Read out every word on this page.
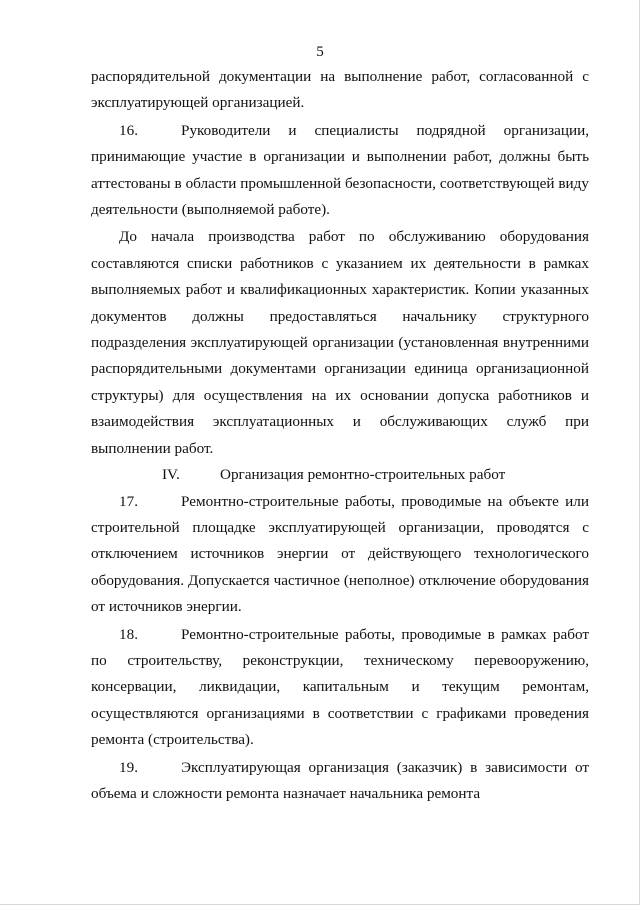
5

распорядительной документации на выполнение работ, согласованной с эксплуатирующей организацией.

16.	Руководители и специалисты подрядной организации, принимающие участие в организации и выполнении работ, должны быть аттестованы в области промышленной безопасности, соответствующей виду деятельности (выполняемой работе).

До начала производства работ по обслуживанию оборудования составляются списки работников с указанием их деятельности в рамках выполняемых работ и квалификационных характеристик. Копии указанных документов должны предоставляться начальнику структурного подразделения эксплуатирующей организации (установленная внутренними распорядительными документами организации единица организационной структуры) для осуществления на их основании допуска работников и взаимодействия эксплуатационных и обслуживающих служб при выполнении работ.

IV.	Организация ремонтно-строительных работ

17.	Ремонтно-строительные работы, проводимые на объекте или строительной площадке эксплуатирующей организации, проводятся с отключением источников энергии от действующего технологического оборудования. Допускается частичное (неполное) отключение оборудования от источников энергии.

18.	Ремонтно-строительные работы, проводимые в рамках работ по строительству, реконструкции, техническому перевооружению, консервации, ликвидации, капитальным и текущим ремонтам, осуществляются организациями в соответствии с графиками проведения ремонта (строительства).

19.	Эксплуатирующая организация (заказчик) в зависимости от объема и сложности ремонта назначает начальника ремонта
